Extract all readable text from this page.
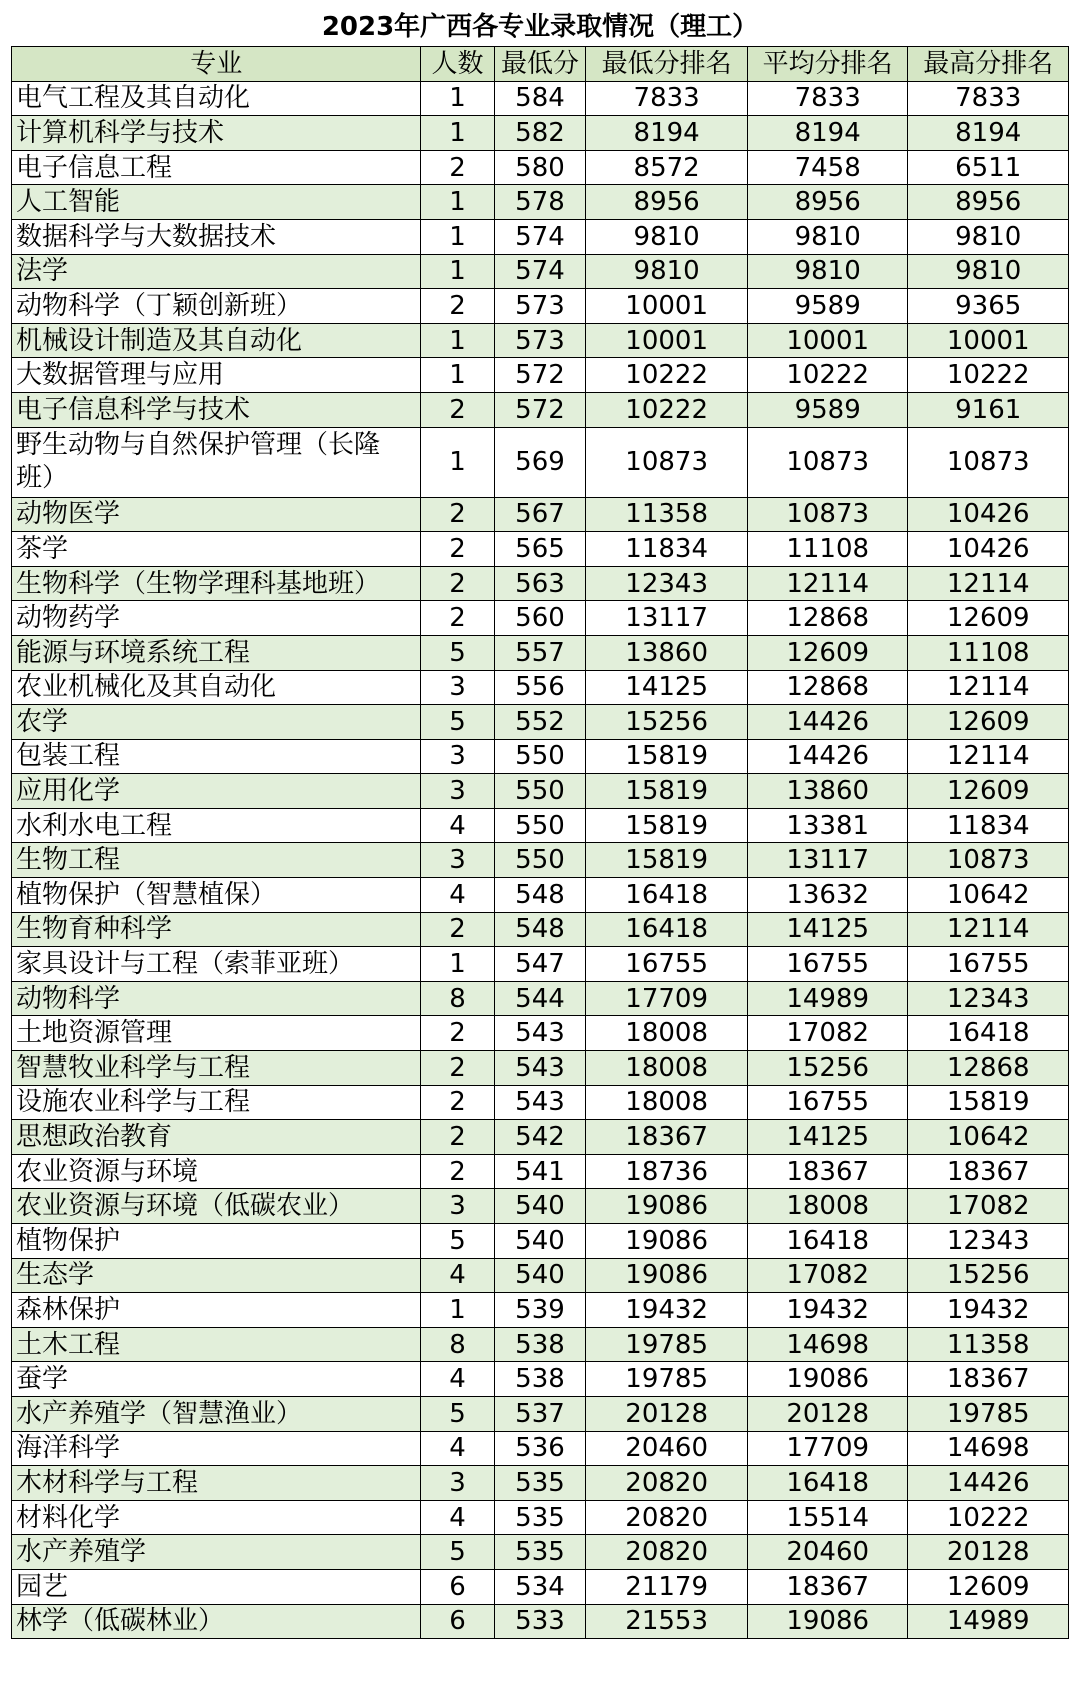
2023年广西各专业录取情况（理工）
专业	人数	最低分	最低分排名	平均分排名	最高分排名
电气工程及其自动化	1	584	7833	7833	7833
计算机科学与技术	1	582	8194	8194	8194
电子信息工程	2	580	8572	7458	6511
人工智能	1	578	8956	8956	8956
数据科学与大数据技术	1	574	9810	9810	9810
法学	1	574	9810	9810	9810
动物科学（丁颖创新班）	2	573	10001	9589	9365
机械设计制造及其自动化	1	573	10001	10001	10001
大数据管理与应用	1	572	10222	10222	10222
电子信息科学与技术	2	572	10222	9589	9161
野生动物与自然保护管理（长隆班）	1	569	10873	10873	10873
动物医学	2	567	11358	10873	10426
茶学	2	565	11834	11108	10426
生物科学（生物学理科基地班）	2	563	12343	12114	12114
动物药学	2	560	13117	12868	12609
能源与环境系统工程	5	557	13860	12609	11108
农业机械化及其自动化	3	556	14125	12868	12114
农学	5	552	15256	14426	12609
包装工程	3	550	15819	14426	12114
应用化学	3	550	15819	13860	12609
水利水电工程	4	550	15819	13381	11834
生物工程	3	550	15819	13117	10873
植物保护（智慧植保）	4	548	16418	13632	10642
生物育种科学	2	548	16418	14125	12114
家具设计与工程（索菲亚班）	1	547	16755	16755	16755
动物科学	8	544	17709	14989	12343
土地资源管理	2	543	18008	17082	16418
智慧牧业科学与工程	2	543	18008	15256	12868
设施农业科学与工程	2	543	18008	16755	15819
思想政治教育	2	542	18367	14125	10642
农业资源与环境	2	541	18736	18367	18367
农业资源与环境（低碳农业）	3	540	19086	18008	17082
植物保护	5	540	19086	16418	12343
生态学	4	540	19086	17082	15256
森林保护	1	539	19432	19432	19432
土木工程	8	538	19785	14698	11358
蚕学	4	538	19785	19086	18367
水产养殖学（智慧渔业）	5	537	20128	20128	19785
海洋科学	4	536	20460	17709	14698
木材科学与工程	3	535	20820	16418	14426
材料化学	4	535	20820	15514	10222
水产养殖学	5	535	20820	20460	20128
园艺	6	534	21179	18367	12609
林学（低碳林业）	6	533	21553	19086	14989
